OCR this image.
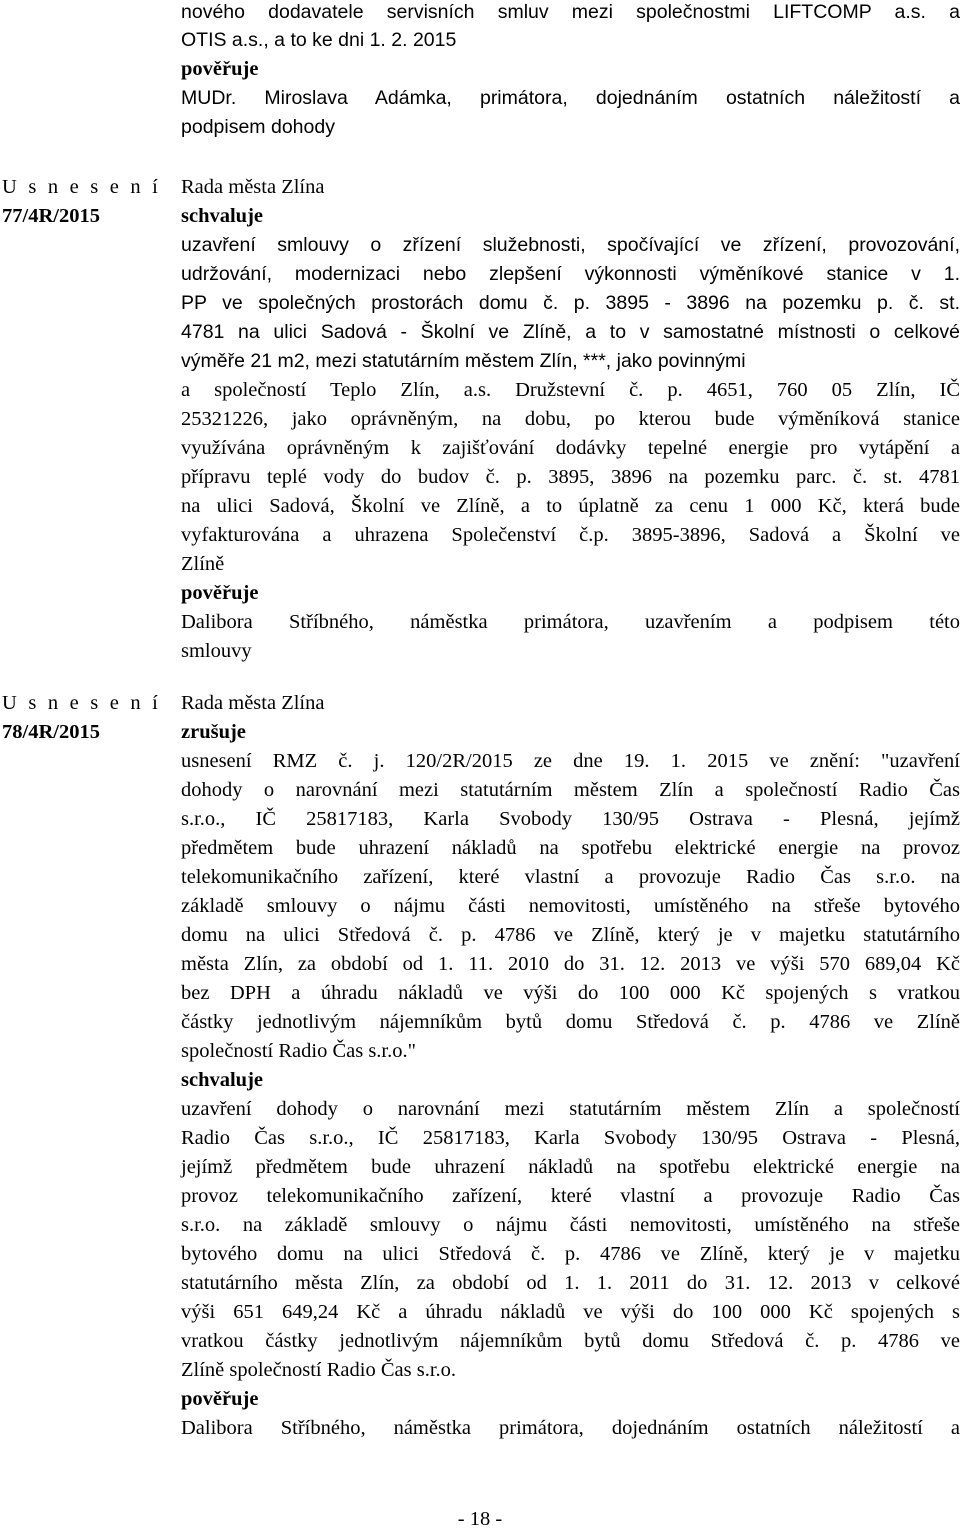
nového dodavatele servisních smluv mezi společnostmi LIFTCOMP a.s. a
OTIS a.s., a to ke dni 1. 2. 2015
pověřuje
MUDr. Miroslava Adámka, primátora, dojednáním ostatních náležitostí a
podpisem dohody
U s n e s e n í
77/4R/2015
Rada města Zlína
schvaluje
uzavření smlouvy o zřízení služebnosti, spočívající ve zřízení, provozování,
udržování, modernizaci nebo zlepšení výkonnosti výměníkové stanice v 1.
PP ve společných prostorách domu č. p. 3895 - 3896 na pozemku p. č. st.
4781 na ulici Sadová - Školní ve Zlíně, a to v samostatné místnosti o celkové
výměře 21 m2, mezi statutárním městem Zlín, ***, jako povinnými
a společností Teplo Zlín, a.s. Družstevní č. p. 4651, 760 05 Zlín, IČ
25321226, jako oprávněným, na dobu, po kterou bude výměníková stanice
využívána oprávněným k zajišťování dodávky tepelné energie pro vytápění a
přípravu teplé vody do budov č. p. 3895, 3896 na pozemku parc. č. st. 4781
na ulici Sadová, Školní ve Zlíně, a to úplatně za cenu 1 000 Kč, která bude
vyfakturována a uhrazena Společenství č.p. 3895-3896, Sadová a Školní ve
Zlíně
pověřuje
Dalibora Stříbného, náměstka primátora, uzavřením a podpisem této
smlouvy
U s n e s e n í
78/4R/2015
Rada města Zlína
zrušuje
usnesení RMZ č. j. 120/2R/2015 ze dne 19. 1. 2015 ve znění: "uzavření
dohody o narovnání mezi statutárním městem Zlín a společností Radio Čas
s.r.o., IČ 25817183, Karla Svobody 130/95 Ostrava - Plesná, jejímž
předmětem bude uhrazení nákladů na spotřebu elektrické energie na provoz
telekomunikačního zařízení, které vlastní a provozuje Radio Čas s.r.o. na
základě smlouvy o nájmu části nemovitosti, umístěného na střeše bytového
domu na ulici Středová č. p. 4786 ve Zlíně, který je v majetku statutárního
města Zlín, za období od 1. 11. 2010 do 31. 12. 2013 ve výši 570 689,04 Kč
bez DPH a úhradu nákladů ve výši do 100 000 Kč spojených s vratkou
částky jednotlivým nájemníkům bytů domu Středová č. p. 4786 ve Zlíně
společností Radio Čas s.r.o."
schvaluje
uzavření dohody o narovnání mezi statutárním městem Zlín a společností
Radio Čas s.r.o., IČ 25817183, Karla Svobody 130/95 Ostrava - Plesná,
jejímž předmětem bude uhrazení nákladů na spotřebu elektrické energie na
provoz telekomunikačního zařízení, které vlastní a provozuje Radio Čas
s.r.o. na základě smlouvy o nájmu části nemovitosti, umístěného na střeše
bytového domu na ulici Středová č. p. 4786 ve Zlíně, který je v majetku
statutárního města Zlín, za období od 1. 1. 2011 do 31. 12. 2013 v celkové
výši 651 649,24 Kč a úhradu nákladů ve výši do 100 000 Kč spojených s
vratkou částky jednotlivým nájemníkům bytů domu Středová č. p. 4786 ve
Zlíně společností Radio Čas s.r.o.
pověřuje
Dalibora Stříbného, náměstka primátora, dojednáním ostatních náležitostí a
- 18 -
